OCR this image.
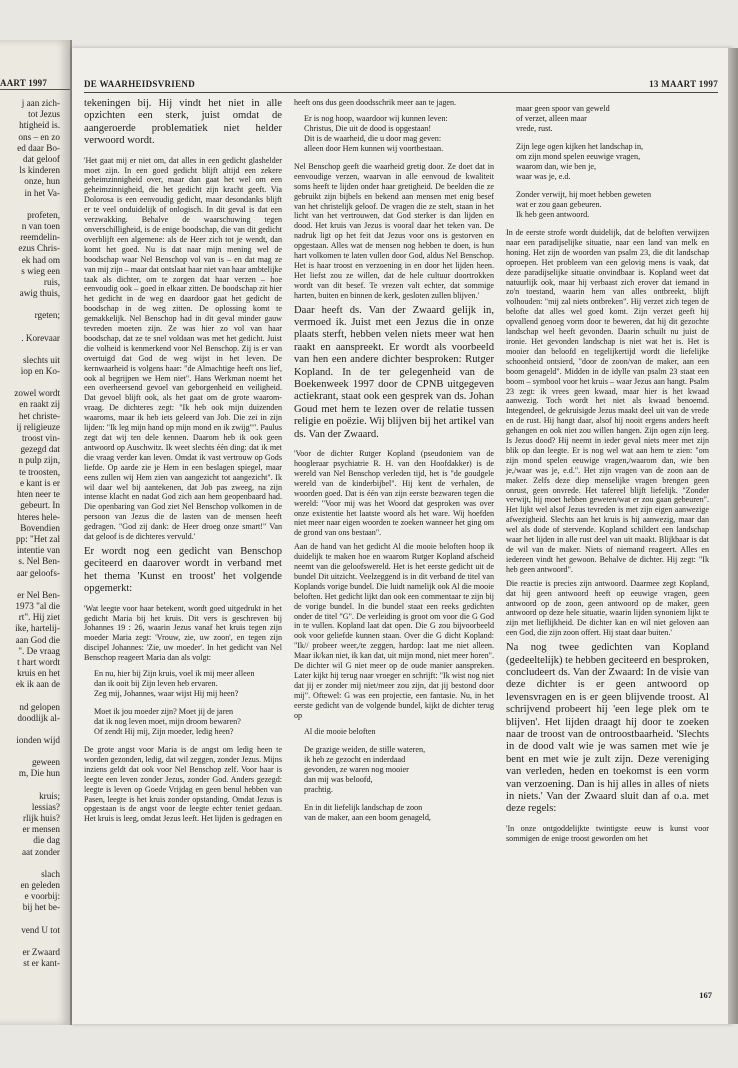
AART 1997

j aan zich-

tot Jezus

htigheid is.

ons – en zo

ed daar Bo-

dat geloof

ls kinderen

onze, hun

in het Va-

profeten,

n van toen

reemdelin-

ezus Chris-

ek had om

s wieg een

ruis,

awig thuis,

rgeten;

. Korevaar

slechts uit

iop en Ko-

zowel wordt

en raakt zij

het christe-

ij religieuze

troost vin-

gezegd dat

n pulp zijn,

te troosten,

e kant is er

hten neer te

gebeurt. In

hteres hele-

Bovendien

pp: "Het zal

intentie van

s. Nel Ben-

aar geloofs-

er Nel Ben-

1973 "al die

rt". Hij ziet

ike, hartelij-

aan God die

". De vraag

t hart wordt

kruis en het

ek ik aan de

nd gelopen

doodlijk al-

ionden wijd

geween

m, Die hun

kruis;

lessias?

rlijk huis?

er mensen

die dag

aat zonder

slach

en geleden

e voorbij:

bij het be-

vend U tot

er Zwaard

st er kant-

DE WAARHEIDSVRIEND	13 MAART 1997

tekeningen bij. Hij vindt het niet in alle opzichten een sterk, juist omdat de aangeroerde problematiek niet helder verwoord wordt.

'Het gaat mij er niet om, dat alles in een gedicht glashelder moet zijn. In een goed gedicht blijft altijd een zekere geheimzinnigheid over, maar dan gaat het wel om een geheimzinnigheid, die het gedicht zijn kracht geeft. Via Dolorosa is een eenvoudig gedicht, maar desondanks blijft er te veel onduidelijk of onlogisch. In dit geval is dat een verzwakking. Behalve de waarschuwing tegen onverschilligheid, is de enige boodschap, die van dit gedicht overblijft een algemene: als de Heer zich tot je wendt, dan komt het goed. Nu is dat naar mijn mening wel de boodschap waar Nel Benschop vol van is – en dat mag ze van mij zijn – maar dat ontslaat haar niet van haar ambtelijke taak als dichter, om te zorgen dat haar verzen – hoe eenvoudig ook – goed in elkaar zitten. De boodschap zit hier het gedicht in de weg en daardoor gaat het gedicht de boodschap in de weg zitten. De oplossing komt te gemakkelijk. Nel Benschop had in dit geval minder gauw tevreden moeten zijn. Ze was hier zo vol van haar boodschap, dat ze te snel voldaan was met het gedicht. Juist die volheid is kenmerkend voor Nel Benschop. Zij is er van overtuigd dat God de weg wijst in het leven. De kernwaarheid is volgens haar: "de Almachtige heeft ons lief, ook al begrijpen we Hem niet". Hans Werkman noemt het een overheersend gevoel van geborgenheid en veiligheid. Dat gevoel blijft ook, als het gaat om de grote waarom-vraag. De dichteres zegt: "Ik heb ook mijn duizenden waaroms, maar ik heb iets geleerd van Job. Die zei in zijn lijden: "Ik leg mijn hand op mijn mond en ik zwijg"". Paulus zegt dat wij ten dele kennen. Daarom heb ik ook geen antwoord op Auschwitz. Ik weet slechts één ding: dat ik met die vraag verder kan leven. Omdat ik vast vertrouw op Gods liefde. Op aarde zie je Hem in een beslagen spiegel, maar eens zullen wij Hem zien van aangezicht tot aangezicht". Ik wil daar wel bij aantekenen, dat Job pas zweeg, na zijn intense klacht en nadat God zich aan hem geopenbaard had. Die openbaring van God ziet Nel Benschop volkomen in de persoon van Jezus die de lasten van de mensen heeft gedragen. "God zij dank: de Heer droeg onze smart!" Van dat geloof is de dichteres vervuld.'

Er wordt nog een gedicht van Benschop geciteerd en daarover wordt in verband met het thema 'Kunst en troost' het volgende opgemerkt:

'Wat leegte voor haar betekent, wordt goed uitgedrukt in het gedicht Maria bij het kruis. Dit vers is geschreven bij Johannes 19 : 26, waarin Jezus vanaf het kruis tegen zijn moeder Maria zegt: 'Vrouw, zie, uw zoon', en tegen zijn discipel Johannes: 'Zie, uw moeder'. In het gedicht van Nel Benschop reageert Maria dan als volgt:

En nu, hier bij Zijn kruis, voel ik mij meer alleen
dan ik ooit bij Zijn leven heb ervaren.
Zeg mij, Johannes, waar wijst Hij mij heen?

Moet ik jou moeder zijn? Moet jij de jaren
dat ik nog leven moet, mijn droom bewaren?
Of zendt Hij mij, Zijn moeder, ledig heen?

De grote angst voor Maria is de angst om ledig heen te worden gezonden, ledig, dat wil zeggen, zonder Jezus. Mijns inziens geldt dat ook voor Nel Benschop zelf. Voor haar is leegte een leven zonder Jezus, zonder God. Anders gezegd: leegte is leven op Goede Vrijdag en geen benul hebben van Pasen, leegte is het kruis zonder opstanding. Omdat Jezus is opgestaan is de angst voor de leegte echter teniet gedaan. Het kruis is leeg, omdat Jezus leeft. Het lijden is gedragen en

heeft ons dus geen doodsschrik meer aan te jagen.

Er is nog hoop, waardoor wij kunnen leven:
Christus, Die uit de dood is opgestaan!
Dit is de waarheid, die u door mag geven:
alleen door Hem kunnen wij voortbestaan.

Nel Benschop geeft die waarheid gretig door. Ze doet dat in eenvoudige verzen, waarvan in alle eenvoud de kwaliteit soms heeft te lijden onder haar gretigheid. De beelden die ze gebruikt zijn bijbels en bekend aan mensen met enig besef van het christelijk geloof. De vragen die ze stelt, staan in het licht van het vertrouwen, dat God sterker is dan lijden en dood. Het kruis van Jezus is vooral daar het teken van. De nadruk ligt op het feit dat Jezus voor ons is gestorven en opgestaan. Alles wat de mensen nog hebben te doen, is hun hart volkomen te laten vullen door God, aldus Nel Benschop. Het is haar troost en verzoening in en door het lijden heen. Het liefst zou ze willen, dat de hele cultuur doortrokken wordt van dit besef. Te vrezen valt echter, dat sommige harten, buiten en binnen de kerk, gesloten zullen blijven.'

Daar heeft ds. Van der Zwaard gelijk in, vermoed ik. Juist met een Jezus die in onze plaats sterft, hebben velen niets meer wat hen raakt en aanspreekt. Er wordt als voorbeeld van hen een andere dichter besproken: Rutger Kopland. In de ter gelegenheid van de Boekenweek 1997 door de CPNB uitgegeven actiekrant, staat ook een gesprek van ds. Johan Goud met hem te lezen over de relatie tussen religie en poëzie. Wij blijven bij het artikel van ds. Van der Zwaard.

'Voor de dichter Rutger Kopland (pseudoniem van de hoogleraar psychiatrie R. H. van den Hoofdakker) is de wereld van Nel Benschop verleden tijd, het is "de goudgele wereld van de kinderbijbel". Hij kent de verhalen, de woorden goed. Dat is één van zijn eerste bezwaren tegen die wereld: "Voor mij was het Woord dat gesproken was over onze existentie het laatste woord als het ware. Wij hoefden niet meer naar eigen woorden te zoeken wanneer het ging om de grond van ons bestaan".

Aan de hand van het gedicht Al die mooie beloften hoop ik duidelijk te maken hoe en waarom Rutger Kopland afscheid neemt van die geloofswereld. Het is het eerste gedicht uit de bundel Dit uitzicht. Veelzeggend is in dit verband de titel van Koplands vorige bundel. Die luidt namelijk ook Al die mooie beloften. Het gedicht lijkt dan ook een commentaar te zijn bij de vorige bundel. In die bundel staat een reeks gedichten onder de titel "G". De verleiding is groot om voor die G God in te vullen. Kopland laat dat open. Die G zou bijvoorbeeld ook voor geliefde kunnen staan. Over die G dicht Kopland: "Ik// probeer weer,/te zeggen, hardop: laat me niet alleen. Maar ik/kan niet, ik kan dat, uit mijn mond, niet meer horen". De dichter wil G niet meer op de oude manier aanspreken. Later kijkt hij terug naar vroeger en schrijft: "Ik wist nog niet dat jij er zonder mij niet/meer zou zijn, dat jij bestond door mij". Oftewel: G was een projectie, een fantasie. Nu, in het eerste gedicht van de volgende bundel, kijkt de dichter terug op

Al die mooie beloften

De grazige weiden, de stille wateren,
ik heb ze gezocht en inderdaad
gevonden, ze waren nog mooier
dan mij was beloofd,
prachtig.

En in dit liefelijk landschap de zoon
van de maker, aan een boom genageld,

maar geen spoor van geweld
of verzet, alleen maar
vrede, rust.

Zijn lege ogen kijken het landschap in,
om zijn mond spelen eeuwige vragen,
waarom dan, wie ben je,
waar was je, e.d.

Zonder verwijt, hij moet hebben geweten
wat er zou gaan gebeuren.
Ik heb geen antwoord.

In de eerste strofe wordt duidelijk, dat de beloften verwijzen naar een paradijselijke situatie, naar een land van melk en honing. Het zijn de woorden van psalm 23, die dit landschap oproepen. Het probleem van een gelovig mens is vaak, dat deze paradijselijke situatie onvindbaar is. Kopland weet dat natuurlijk ook, maar hij verbaast zich erover dat iemand in zo'n toestand, waarin hem van alles ontbreekt, blijft volhouden: "mij zal niets ontbreken". Hij verzet zich tegen de belofte dat alles wel goed komt. Zijn verzet geeft hij opvallend genoeg vorm door te beweren, dat hij dit gezochte landschap wel heeft gevonden. Daarin schuilt nu juist de ironie. Het gevonden landschap is niet wat het is. Het is mooier dan beloofd en tegelijkertijd wordt die liefelijke schoonheid ontsierd, "door de zoon/van de maker, aan een boom genageld". Midden in de idylle van psalm 23 staat een boom – symbool voor het kruis – waar Jezus aan hangt. Psalm 23 zegt: ik vrees geen kwaad, maar hier is het kwaad aanwezig. Toch wordt het niet als kwaad benoemd. Integendeel, de gekruisigde Jezus maakt deel uit van de vrede en de rust. Hij hangt daar, alsof hij nooit ergens anders heeft gehangen en ook niet zou willen hangen. Zijn ogen zijn leeg. Is Jezus dood? Hij neemt in ieder geval niets meer met zijn blik op dan leegte. Er is nog wel wat aan hem te zien: "om zijn mond spelen eeuwige vragen,/waarom dan, wie ben je,/waar was je, e.d.". Het zijn vragen van de zoon aan de maker. Zelfs deze diep menselijke vragen brengen geen onrust, geen onvrede. Het tafereel blijft liefelijk. "Zonder verwijt, hij moet hebben geweten/wat er zou gaan gebeuren". Het lijkt wel alsof Jezus tevreden is met zijn eigen aanwezige afwezigheid. Slechts aan het kruis is hij aanwezig, maar dan wel als dode of stervende. Kopland schildert een landschap waar het lijden in alle rust deel van uit maakt. Blijkbaar is dat de wil van de maker. Niets of niemand reageert. Alles en iedereen vindt het gewoon. Behalve de dichter. Hij zegt: "Ik heb geen antwoord".

Die reactie is precies zijn antwoord. Daarmee zegt Kopland, dat hij geen antwoord heeft op eeuwige vragen, geen antwoord op de zoon, geen antwoord op de maker, geen antwoord op deze hele situatie, waarin lijden synoniem lijkt te zijn met lieflijkheid. De dichter kan en wil niet geloven aan een God, die zijn zoon offert. Hij staat daar buiten.'

Na nog twee gedichten van Kopland (gedeeltelijk) te hebben geciteerd en besproken, concludeert ds. Van der Zwaard: In de visie van deze dichter is er geen antwoord op levensvragen en is er geen blijvende troost. Al schrijvend probeert hij 'een lege plek om te blijven'. Het lijden draagt hij door te zoeken naar de troost van de ontroostbaarheid. 'Slechts in de dood valt wie je was samen met wie je bent en met wie je zult zijn. Deze vereniging van verleden, heden en toekomst is een vorm van verzoening. Dan is hij alles in alles of niets in niets.' Van der Zwaard sluit dan af o.a. met deze regels:

'In onze ontgoddelijkte twintigste eeuw is kunst voor sommigen de enige troost geworden om het

167
